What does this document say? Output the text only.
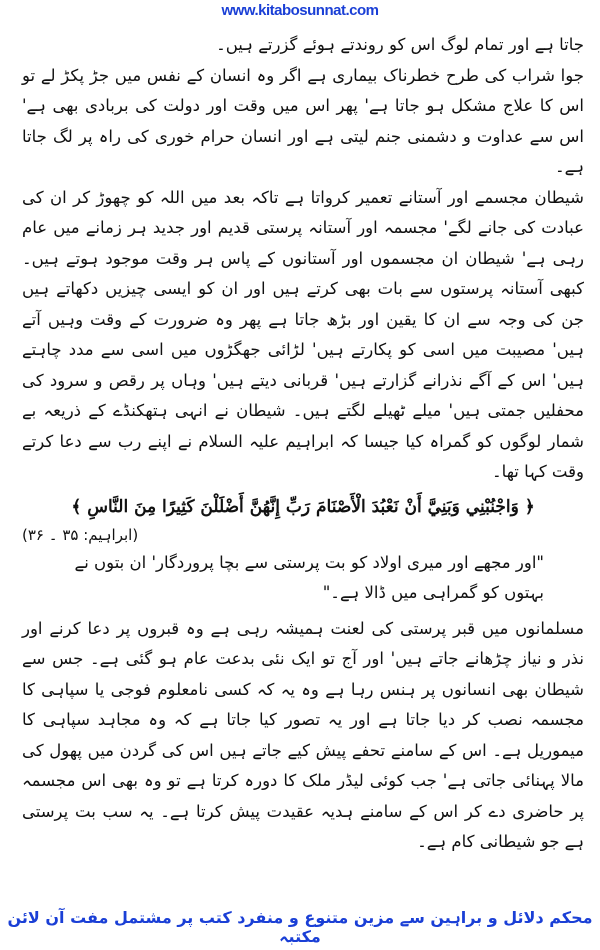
www.kitabosunnat.com

جاتا ہے اور تمام لوگ اس کو روندتے ہوئے گزرتے ہیں۔

جوا شراب کی طرح خطرناک بیماری ہے اگر وہ انسان کے نفس میں جڑ پکڑ لے تو اس کا علاج مشکل ہو جاتا ہے' پھر اس میں وقت اور دولت کی بربادی بھی ہے' اس سے عداوت و دشمنی جنم لیتی ہے اور انسان حرام خوری کی راہ پر لگ جاتا ہے۔

شیطان مجسمے اور آستانے تعمیر کرواتا ہے تاکہ بعد میں اللہ کو چھوڑ کر ان کی عبادت کی جانے لگے' مجسمہ اور آستانہ پرستی قدیم اور جدید ہر زمانے میں عام رہی ہے' شیطان ان مجسموں اور آستانوں کے پاس ہر وقت موجود ہوتے ہیں۔ کبھی آستانہ پرستوں سے بات بھی کرتے ہیں اور ان کو ایسی چیزیں دکھاتے ہیں جن کی وجہ سے ان کا یقین اور بڑھ جاتا ہے پھر وہ ضرورت کے وقت وہیں آتے ہیں' مصیبت میں اسی کو پکارتے ہیں' لڑائی جھگڑوں میں اسی سے مدد چاہتے ہیں' اس کے آگے نذرانے گزارتے ہیں' قربانی دیتے ہیں' وہاں پر رقص و سرود کی محفلیں جمتی ہیں' میلے ٹھیلے لگتے ہیں۔ شیطان نے انہی ہتھکنڈے کے ذریعہ بے شمار لوگوں کو گمراہ کیا جیسا کہ ابراہیم علیہ السلام نے اپنے رب سے دعا کرتے وقت کہا تھا۔

﴿ وَاجْنُبْنِي وَبَنِيَّ أَنْ نَعْبُدَ الْأَصْنَامَ رَبِّ إِنَّهُنَّ أَضْلَلْنَ كَثِيرًا مِنَ النَّاسِ ﴾
(ابراہیم: ۳۵ ۔ ۳۶)
"اور مجھے اور میری اولاد کو بت پرستی سے بچا پروردگار' ان بتوں نے بہتوں کو گمراہی میں ڈالا ہے۔"

مسلمانوں میں قبر پرستی کی لعنت ہمیشہ رہی ہے وہ قبروں پر دعا کرنے اور نذر و نیاز چڑھانے جاتے ہیں' اور آج تو ایک نئی بدعت عام ہو گئی ہے۔ جس سے شیطان بھی انسانوں پر ہنس رہا ہے وہ یہ کہ کسی نامعلوم فوجی یا سپاہی کا مجسمہ نصب کر دیا جاتا ہے اور یہ تصور کیا جاتا ہے کہ وہ مجاہد سپاہی کا میموریل ہے۔ اس کے سامنے تحفے پیش کیے جاتے ہیں اس کی گردن میں پھول کی مالا پہنائی جاتی ہے' جب کوئی لیڈر ملک کا دورہ کرتا ہے تو وہ بھی اس مجسمہ پر حاضری دے کر اس کے سامنے ہدیہ عقیدت پیش کرتا ہے۔ یہ سب بت پرستی ہے جو شیطانی کام ہے۔

محکم دلائل و براہین سے مزین متنوع و منفرد کتب پر مشتمل مفت آن لائن مکتبہ
